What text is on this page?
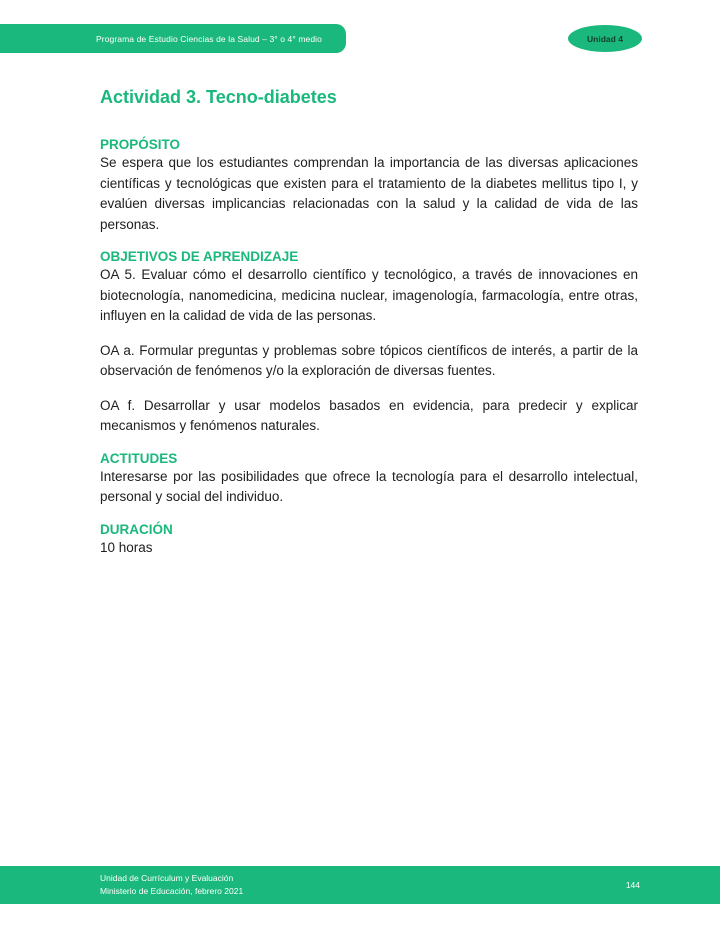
Programa de Estudio Ciencias de la Salud – 3° o 4° medio	Unidad 4
Actividad 3. Tecno-diabetes
PROPÓSITO

Se espera que los estudiantes comprendan la importancia de las diversas aplicaciones científicas y tecnológicas que existen para el tratamiento de la diabetes mellitus tipo I, y evalúen diversas implicancias relacionadas con la salud y la calidad de vida de las personas.

OBJETIVOS DE APRENDIZAJE

OA 5. Evaluar cómo el desarrollo científico y tecnológico, a través de innovaciones en biotecnología, nanomedicina, medicina nuclear, imagenología, farmacología, entre otras, influyen en la calidad de vida de las personas.

OA a. Formular preguntas y problemas sobre tópicos científicos de interés, a partir de la observación de fenómenos y/o la exploración de diversas fuentes.

OA f. Desarrollar y usar modelos basados en evidencia, para predecir y explicar mecanismos y fenómenos naturales.

ACTITUDES

Interesarse por las posibilidades que ofrece la tecnología para el desarrollo intelectual, personal y social del individuo.

DURACIÓN

10 horas

Unidad de Currículum y Evaluación
Ministerio de Educación, febrero 2021
144
